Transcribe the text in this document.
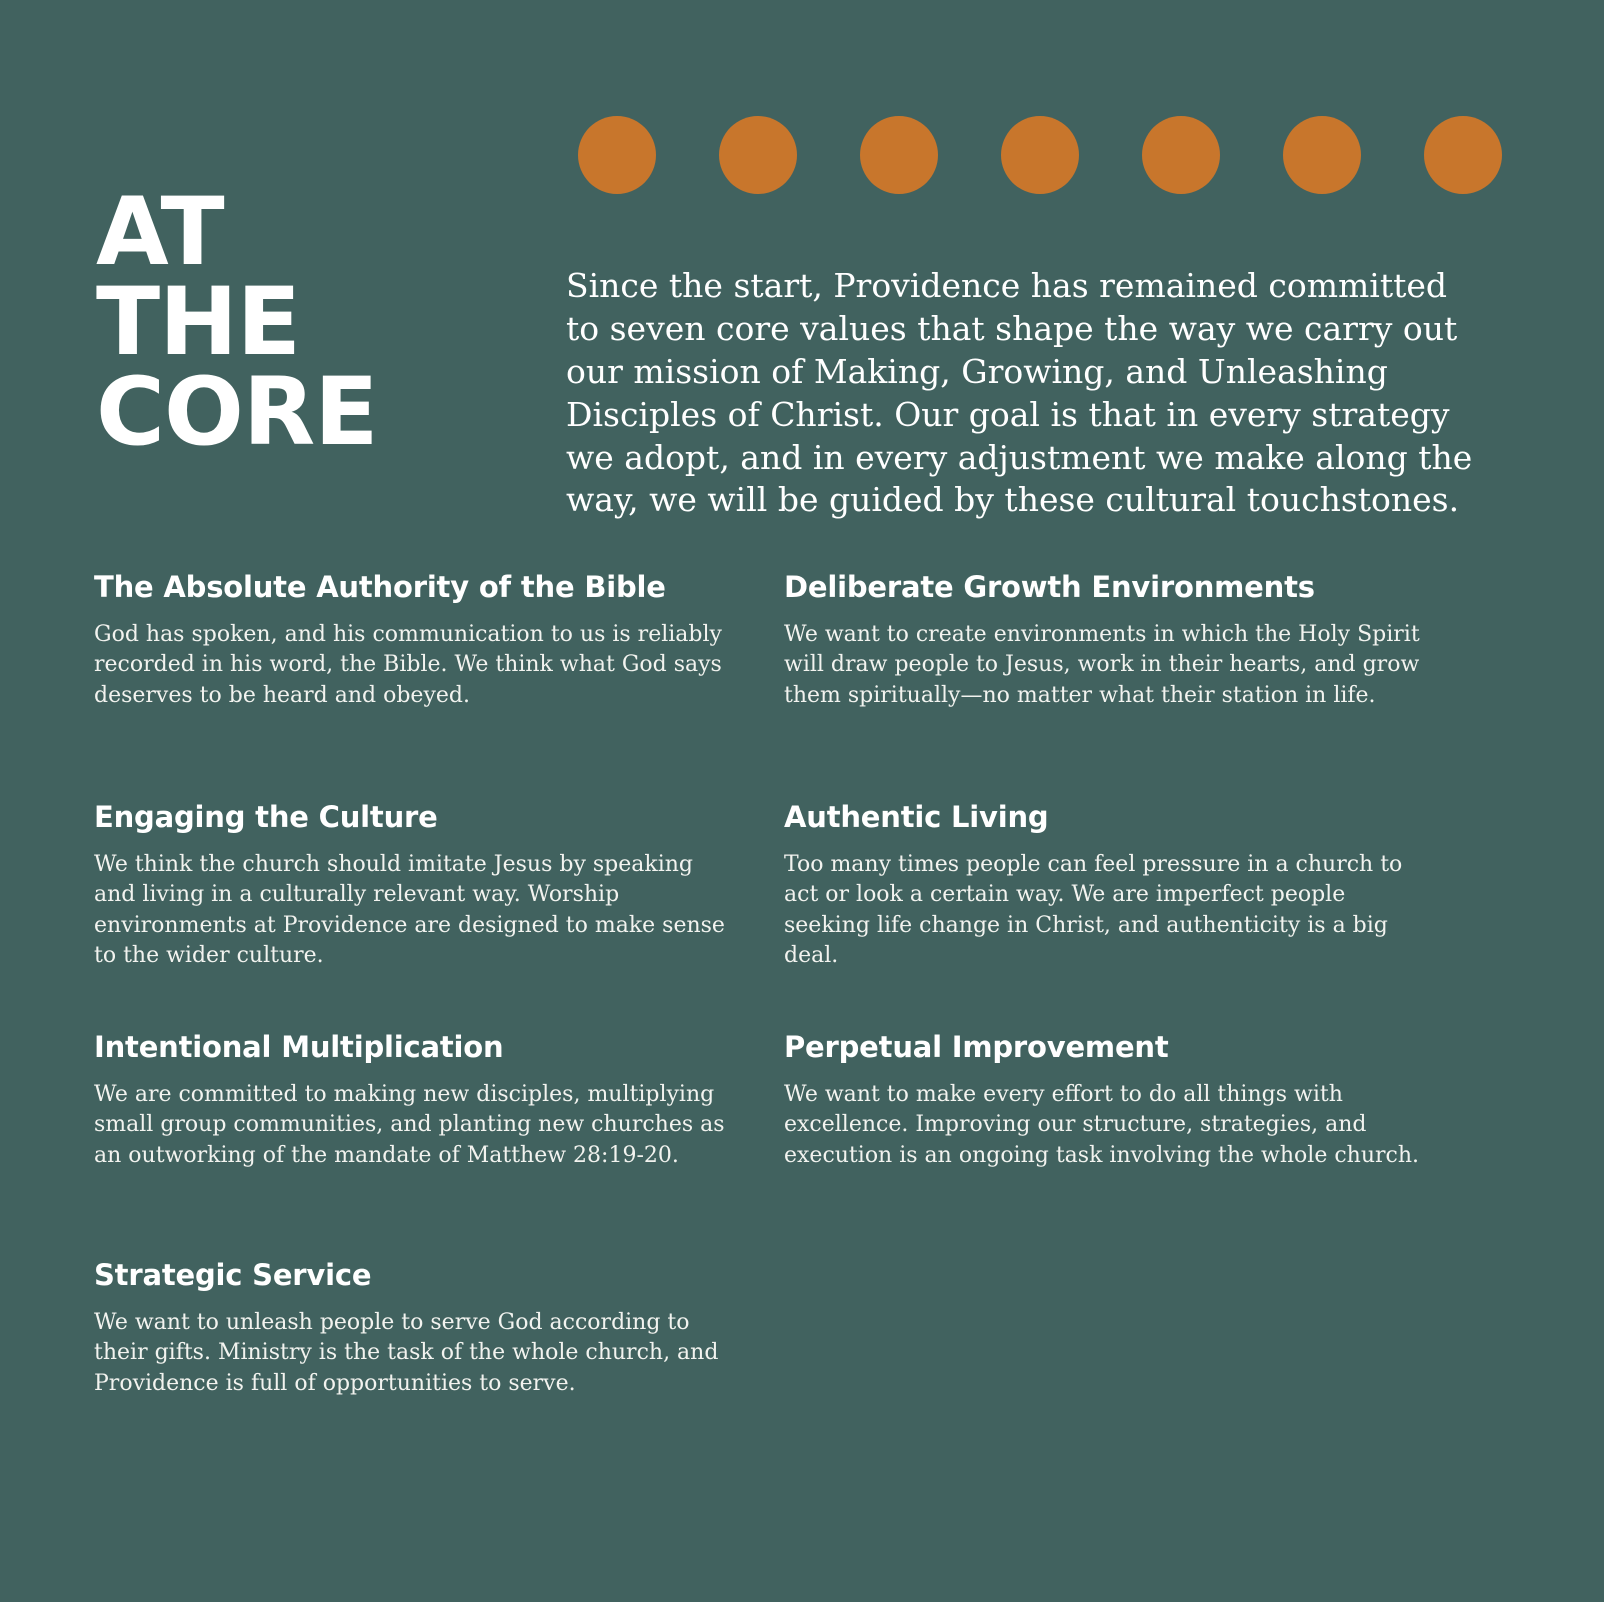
AT
THE
CORE

Since the start, Providence has remained committed to seven core values that shape the way we carry out our mission of Making, Growing, and Unleashing Disciples of Christ. Our goal is that in every strategy we adopt, and in every adjustment we make along the way, we will be guided by these cultural touchstones.

The Absolute Authority of the Bible

God has spoken, and his communication to us is reliably recorded in his word, the Bible. We think what God says deserves to be heard and obeyed.

Deliberate Growth Environments

We want to create environments in which the Holy Spirit will draw people to Jesus, work in their hearts, and grow them spiritually—no matter what their station in life.

Engaging the Culture

We think the church should imitate Jesus by speaking and living in a culturally relevant way. Worship environments at Providence are designed to make sense to the wider culture.

Authentic Living

Too many times people can feel pressure in a church to act or look a certain way. We are imperfect people seeking life change in Christ, and authenticity is a big deal.

Intentional Multiplication

We are committed to making new disciples, multiplying small group communities, and planting new churches as an outworking of the mandate of Matthew 28:19-20.

Perpetual Improvement

We want to make every effort to do all things with excellence. Improving our structure, strategies, and execution is an ongoing task involving the whole church.

Strategic Service

We want to unleash people to serve God according to their gifts. Ministry is the task of the whole church, and Providence is full of opportunities to serve.
